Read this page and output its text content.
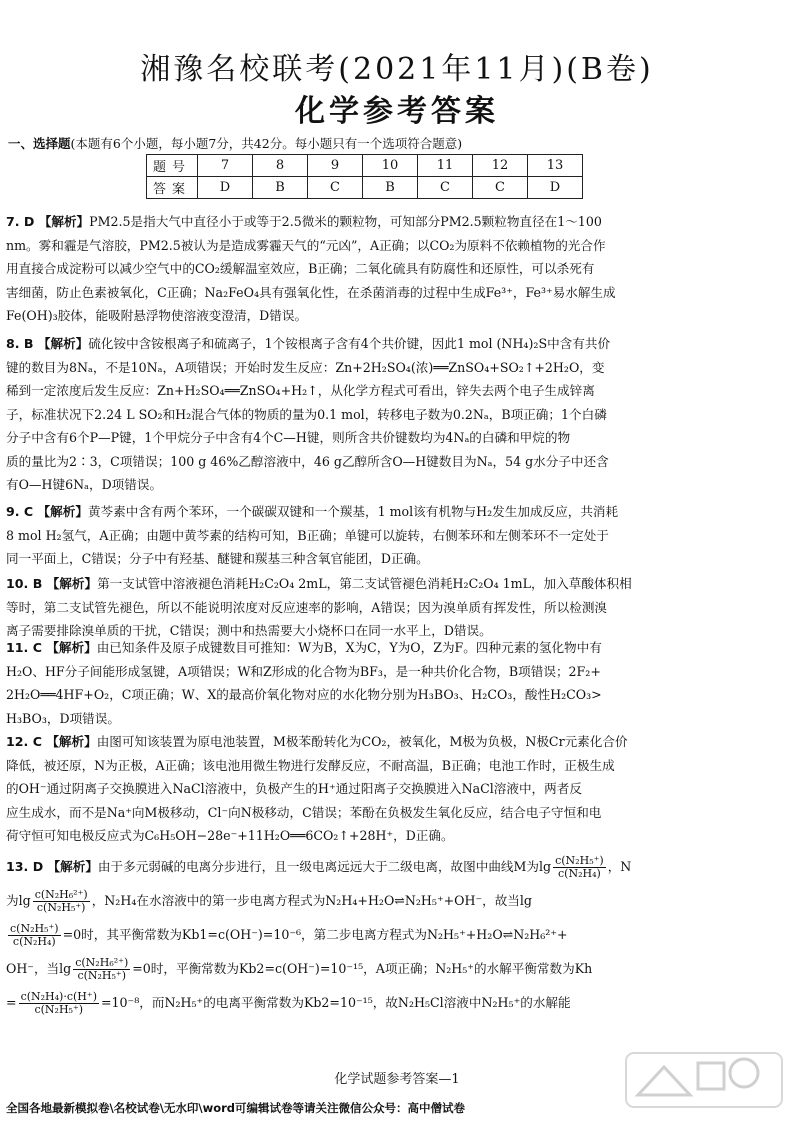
湘豫名校联考(2021年11月)(B卷)
化学参考答案
一、选择题(本题有6个小题，每小题7分，共42分。每小题只有一个选项符合题意)
题号	7	8	9	10	11	12	13
答案	D	B	C	B	C	C	D
7. D 【解析】PM2.5是指大气中直径小于或等于2.5微米的颗粒物，可知部分PM2.5颗粒物直径在1～100
nm。雾和霾是气溶胶，PM2.5被认为是造成雾霾天气的“元凶”，A正确；以CO₂为原料不依赖植物的光合作
用直接合成淀粉可以减少空气中的CO₂缓解温室效应，B正确；二氧化硫具有防腐性和还原性，可以杀死有
害细菌，防止色素被氧化，C正确；Na₂FeO₄具有强氧化性，在杀菌消毒的过程中生成Fe³⁺，Fe³⁺易水解生成
Fe(OH)₃胶体，能吸附悬浮物使溶液变澄清，D错误。
8. B 【解析】硫化铵中含铵根离子和硫离子，1个铵根离子含有4个共价键，因此1 mol (NH₄)₂S中含有共价
键的数目为8Nₐ，不是10Nₐ，A项错误；开始时发生反应：Zn+2H₂SO₄(浓)══ZnSO₄+SO₂↑+2H₂O，变
稀到一定浓度后发生反应：Zn+H₂SO₄══ZnSO₄+H₂↑，从化学方程式可看出，锌失去两个电子生成锌离
子，标准状况下2.24 L SO₂和H₂混合气体的物质的量为0.1 mol，转移电子数为0.2Nₐ，B项正确；1个白磷
分子中含有6个P—P键，1个甲烷分子中含有4个C—H键，则所含共价键数均为4Nₐ的白磷和甲烷的物
质的量比为2∶3，C项错误；100 g 46%乙醇溶液中，46 g乙醇所含O—H键数目为Nₐ，54 g水分子中还含
有O—H键6Nₐ，D项错误。
9. C 【解析】黄芩素中含有两个苯环，一个碳碳双键和一个羰基，1 mol该有机物与H₂发生加成反应，共消耗
8 mol H₂氢气，A正确；由题中黄芩素的结构可知，B正确；单键可以旋转，右侧苯环和左侧苯环不一定处于
同一平面上，C错误；分子中有羟基、醚键和羰基三种含氧官能团，D正确。
10. B 【解析】第一支试管中溶液褪色消耗H₂C₂O₄ 2mL，第二支试管褪色消耗H₂C₂O₄ 1mL，加入草酸体积相
等时，第二支试管先褪色，所以不能说明浓度对反应速率的影响，A错误；因为溴单质有挥发性，所以检测溴
离子需要排除溴单质的干扰，C错误；测中和热需要大小烧杯口在同一水平上，D错误。
11. C 【解析】由已知条件及原子成键数目可推知：W为B，X为C，Y为O，Z为F。四种元素的氢化物中有
H₂O、HF分子间能形成氢键，A项错误；W和Z形成的化合物为BF₃，是一种共价化合物，B项错误；2F₂+
2H₂O══4HF+O₂，C项正确；W、X的最高价氧化物对应的水化物分别为H₃BO₃、H₂CO₃，酸性H₂CO₃>
H₃BO₃，D项错误。
12. C 【解析】由图可知该装置为原电池装置，M极苯酚转化为CO₂，被氧化，M极为负极，N极Cr元素化合价
降低，被还原，N为正极，A正确；该电池用微生物进行发酵反应，不耐高温，B正确；电池工作时，正极生成
的OH⁻通过阴离子交换膜进入NaCl溶液中，负极产生的H⁺通过阳离子交换膜进入NaCl溶液中，两者反
应生成水，而不是Na⁺向M极移动，Cl⁻向N极移动，C错误；苯酚在负极发生氧化反应，结合电子守恒和电
荷守恒可知电极反应式为C₆H₅OH−28e⁻+11H₂O══6CO₂↑+28H⁺，D正确。
13. D 【解析】由于多元弱碱的电离分步进行，且一级电离远远大于二级电离，故图中曲线M为$\lg \frac{\text{c(N₂H₅⁺)}}{\text{c(N₂H₄)}}$ ，N
为$\lg \frac{\text{c(N₂H₆²⁺)}}{\text{c(N₂H₅⁺)}}$ ，N₂H₄在水溶液中的第一步电离方程式为N₂H₄+H₂O⇌N₂H₅⁺+OH⁻，故当lg
$\frac{\text{c(N₂H₅⁺)}}{\text{c(N₂H₄)}} =0$时，其平衡常数为Kb1=c(OH⁻)=10⁻⁶，第二步电离方程式为N₂H₅⁺+H₂O⇌N₂H₆²⁺+
OH⁻，当$\lg \frac{\text{c(N₂H₆²⁺)}}{\text{c(N₂H₅⁺)}} =0$时，平衡常数为Kb2=c(OH⁻)=10⁻¹⁵，A项正确；N₂H₅⁺的水解平衡常数为Kh
= $\frac{\text{c(N₂H₄)·c(H⁺)}}{\text{c(N₂H₅⁺)}} =10^{-8}$，而N₂H₅⁺的电离平衡常数为Kb2=10⁻¹⁵，故N₂H₅Cl溶液中N₂H₅⁺的水解能
化学试题参考答案—1
全国各地最新模拟卷\名校试卷\无水印\word可编辑试卷等请关注微信公众号：高中僧试卷
